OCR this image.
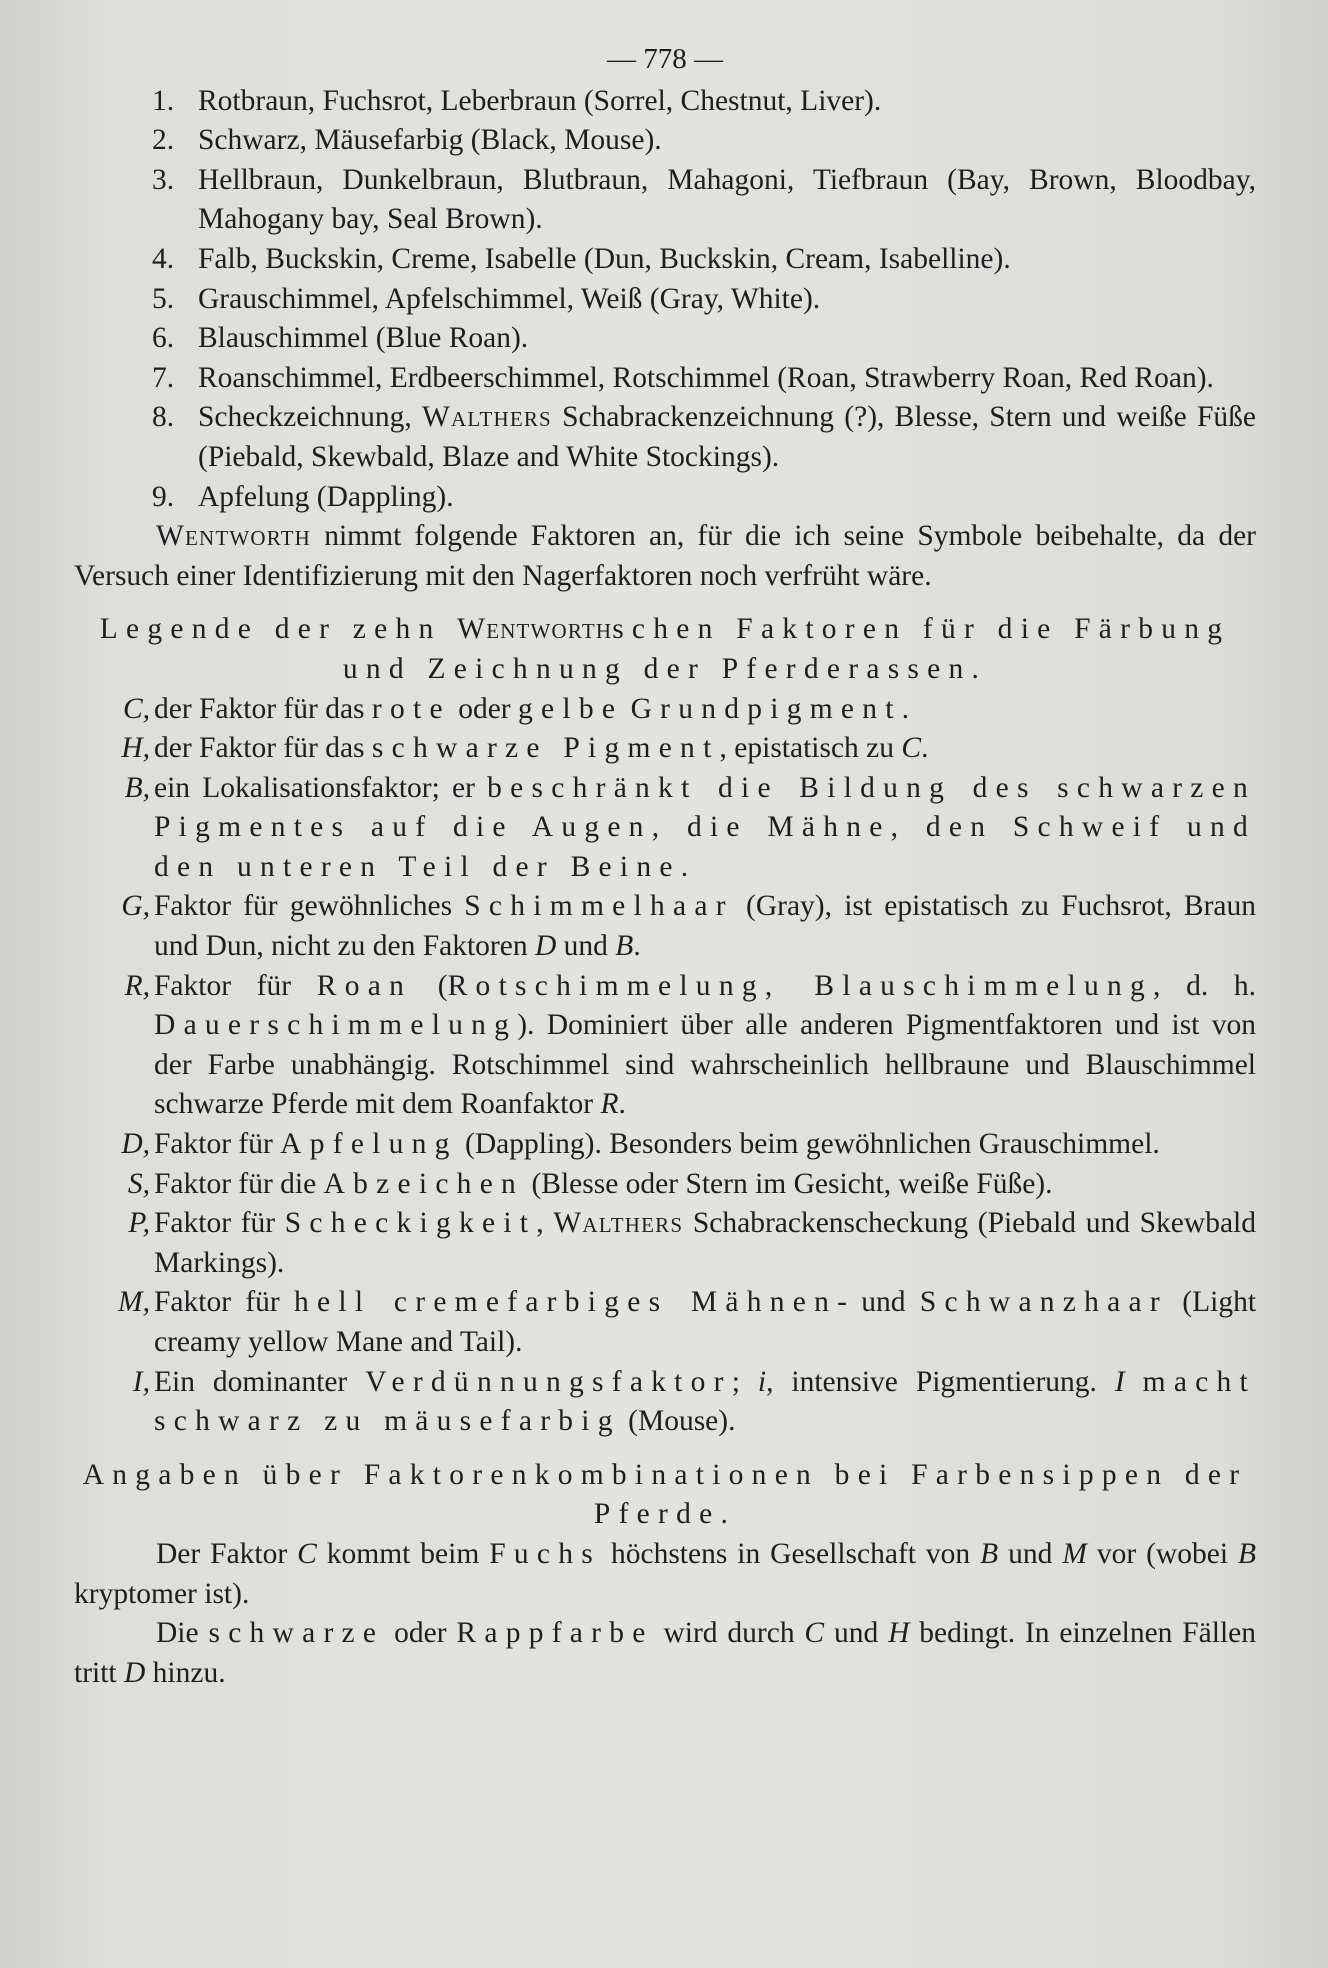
— 778 —
1. Rotbraun, Fuchsrot, Leberbraun (Sorrel, Chestnut, Liver).
2. Schwarz, Mäusefarbig (Black, Mouse).
3. Hellbraun, Dunkelbraun, Blutbraun, Mahagoni, Tiefbraun (Bay, Brown, Bloodbay, Mahogany bay, Seal Brown).
4. Falb, Buckskin, Creme, Isabelle (Dun, Buckskin, Cream, Isabelline).
5. Grauschimmel, Apfelschimmel, Weiß (Gray, White).
6. Blauschimmel (Blue Roan).
7. Roanschimmel, Erdbeerschimmel, Rotschimmel (Roan, Strawberry Roan, Red Roan).
8. Scheckzeichnung, Walthers Schabrackenzeichnung (?), Blesse, Stern und weiße Füße (Piebald, Skewbald, Blaze and White Stockings).
9. Apfelung (Dappling).

Wentworth nimmt folgende Faktoren an, für die ich seine Symbole beibehalte, da der Versuch einer Identifizierung mit den Nagerfaktoren noch verfrüht wäre.

Legende der zehn Wentworthschen Faktoren für die Färbung und Zeichnung der Pferderassen.

C, der Faktor für das rote oder gelbe Grundpigment.
H, der Faktor für das schwarze Pigment, epistatisch zu C.
B, ein Lokalisationsfaktor; er beschränkt die Bildung des schwarzen Pigmentes auf die Augen, die Mähne, den Schweif und den unteren Teil der Beine.
G, Faktor für gewöhnliches Schimmelhaar (Gray), ist epistatisch zu Fuchsrot, Braun und Dun, nicht zu den Faktoren D und B.
R, Faktor für Roan (Rotschimmelung, Blauschimmelung, d. h. Dauerschimmelung). Dominiert über alle anderen Pigmentfaktoren und ist von der Farbe unabhängig. Rotschimmel sind wahrscheinlich hellbraune und Blauschimmel schwarze Pferde mit dem Roanfaktor R.
D, Faktor für Apfelung (Dappling). Besonders beim gewöhnlichen Grauschimmel.
S, Faktor für die Abzeichen (Blesse oder Stern im Gesicht, weiße Füße).
P, Faktor für Scheckigkeit, Walthers Schabrackenscheckung (Piebald und Skewbald Markings).
M, Faktor für hell cremefarbiges Mähnen- und Schwanzhaar (Light creamy yellow Mane and Tail).
I, Ein dominanter Verdünnungsfaktor; i, intensive Pigmentierung. I macht schwarz zu mäusefarbig (Mouse).

Angaben über Faktorenkombinationen bei Farbensippen der Pferde.

Der Faktor C kommt beim Fuchs höchstens in Gesellschaft von B und M vor (wobei B kryptomer ist).

Die schwarze oder Rappfarbe wird durch C und H bedingt. In einzelnen Fällen tritt D hinzu.
